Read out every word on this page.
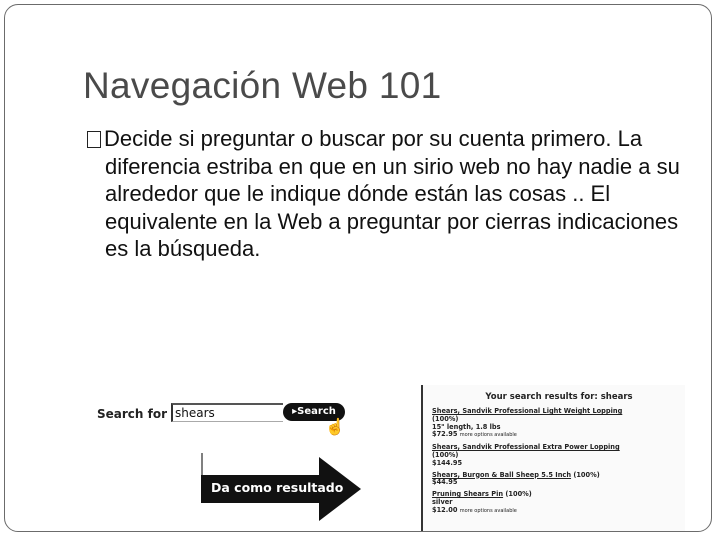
Navegación Web 101
Decide si preguntar o buscar por su cuenta primero. La diferencia estriba en que en un sirio web no hay nadie a su alrededor que le indique dónde están las cosas .. El equivalente en la Web a preguntar por cierras indicaciones es la búsqueda.
Search for shears	▸Search
☝
Da como resultado
Your search results for: shears
Shears, Sandvik Professional Light Weight Lopping
(100%)
15" length, 1.8 lbs
$72.95 more options available
Shears, Sandvik Professional Extra Power Lopping
(100%)
$144.95
Shears, Burgon & Ball Sheep 5.5 Inch (100%)
$44.95
Pruning Shears Pin (100%)
silver
$12.00 more options available
